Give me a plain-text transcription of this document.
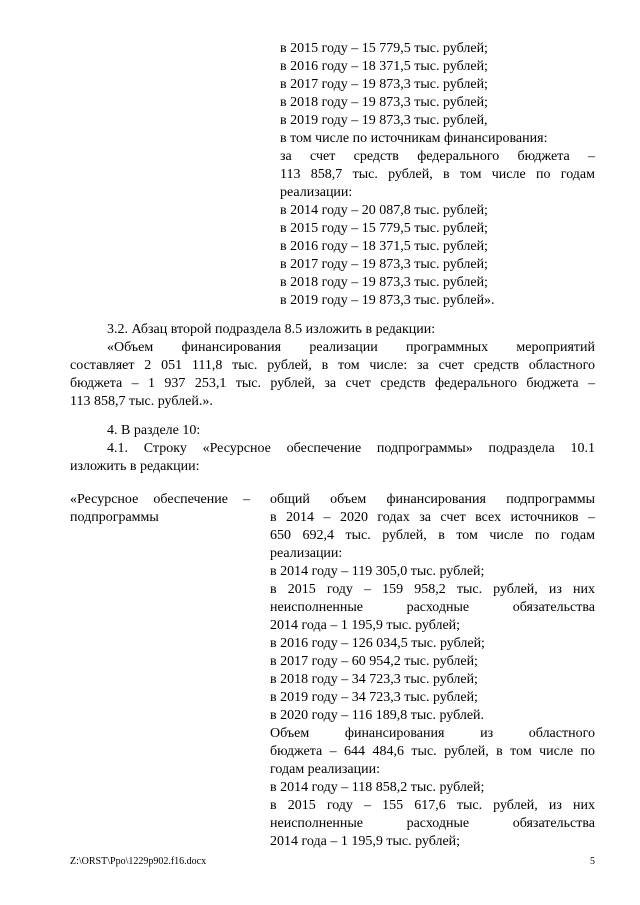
в 2015 году – 15 779,5 тыс. рублей;
в 2016 году – 18 371,5 тыс. рублей;
в 2017 году – 19 873,3 тыс. рублей;
в 2018 году – 19 873,3 тыс. рублей;
в 2019 году – 19 873,3 тыс. рублей,
в том числе по источникам финансирования:
за счет средств федерального бюджета –
113 858,7 тыс. рублей, в том числе по годам
реализации:
в 2014 году – 20 087,8 тыс. рублей;
в 2015 году – 15 779,5 тыс. рублей;
в 2016 году – 18 371,5 тыс. рублей;
в 2017 году – 19 873,3 тыс. рублей;
в 2018 году – 19 873,3 тыс. рублей;
в 2019 году – 19 873,3 тыс. рублей».
3.2. Абзац второй подраздела 8.5 изложить в редакции:
«Объем финансирования реализации программных мероприятий
составляет 2 051 111,8 тыс. рублей, в том числе: за счет средств областного
бюджета – 1 937 253,1 тыс. рублей, за счет средств федерального бюджета –
113 858,7 тыс. рублей.».
4. В разделе 10:
4.1. Строку «Ресурсное обеспечение подпрограммы» подраздела 10.1
изложить в редакции:
«Ресурсное обеспечение –
подпрограммы
общий объем финансирования подпрограммы
в 2014 – 2020 годах за счет всех источников –
650 692,4 тыс. рублей, в том числе по годам
реализации:
в 2014 году – 119 305,0 тыс. рублей;
в 2015 году – 159 958,2 тыс. рублей, из них
неисполненные расходные обязательства
2014 года – 1 195,9 тыс. рублей;
в 2016 году – 126 034,5 тыс. рублей;
в 2017 году – 60 954,2 тыс. рублей;
в 2018 году – 34 723,3 тыс. рублей;
в 2019 году – 34 723,3 тыс. рублей;
в 2020 году – 116 189,8 тыс. рублей.
Объем финансирования из областного
бюджета – 644 484,6 тыс. рублей, в том числе по
годам реализации:
в 2014 году – 118 858,2 тыс. рублей;
в 2015 году – 155 617,6 тыс. рублей, из них
неисполненные расходные обязательства
2014 года – 1 195,9 тыс. рублей;
Z:\ORST\Ppo\1229p902.f16.docx	5
